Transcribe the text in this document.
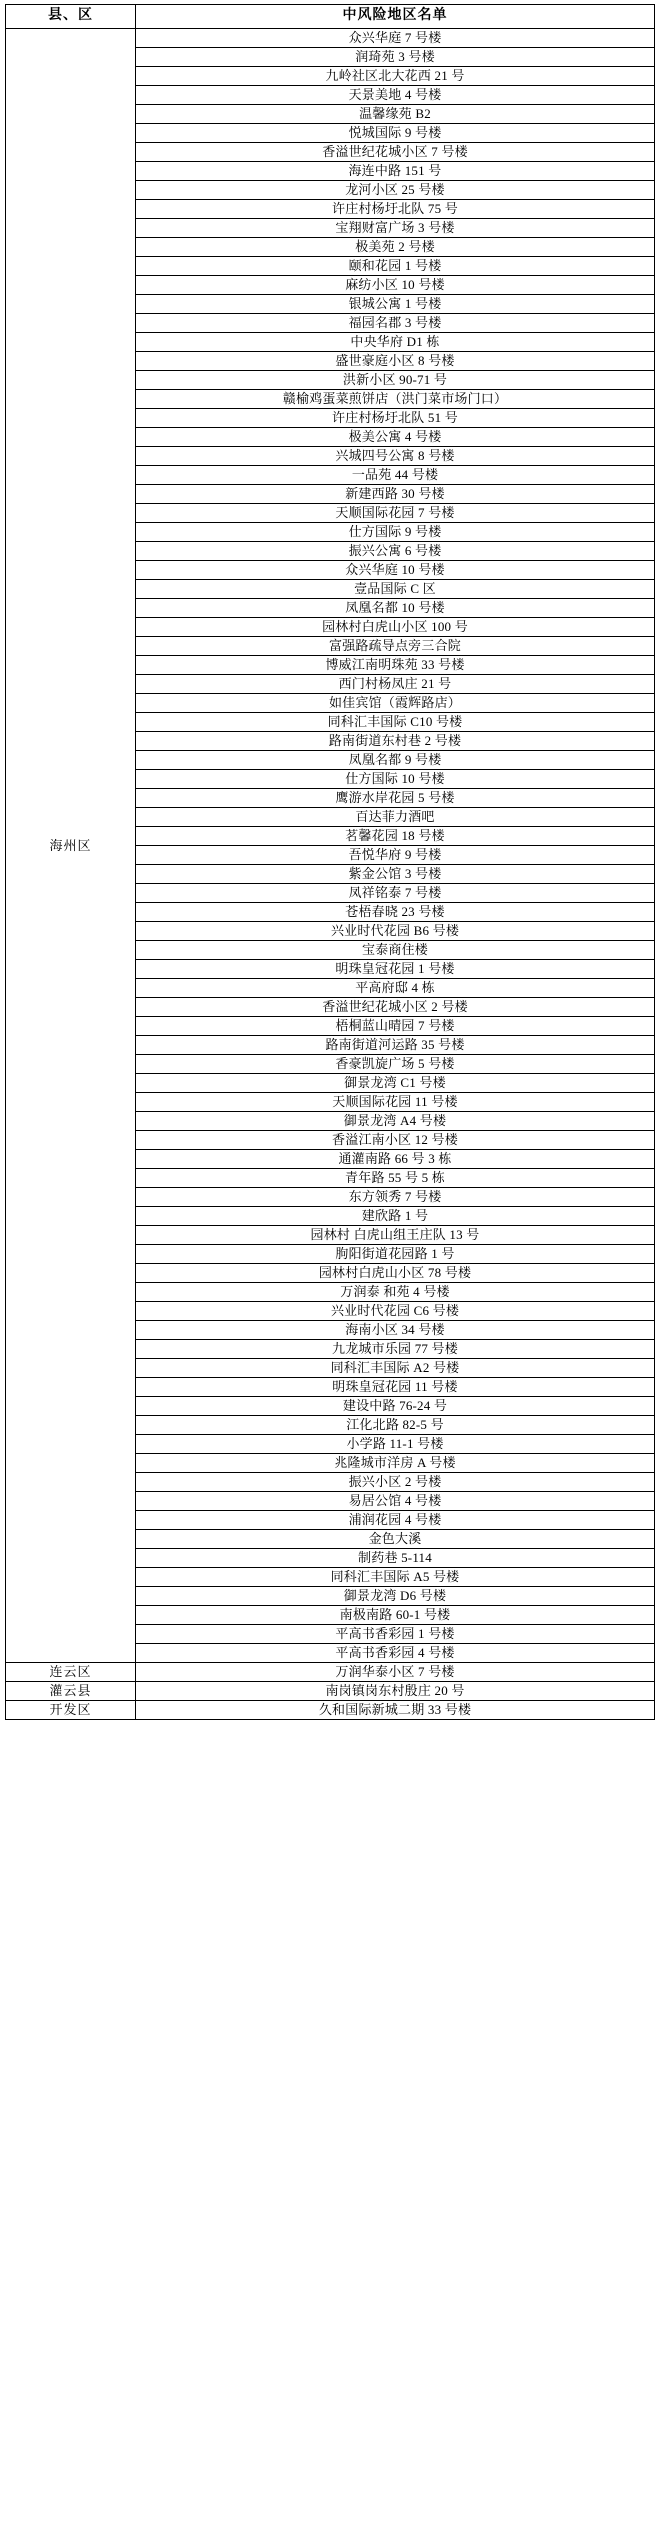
县、区	中风险地区名单
海州区	众兴华庭 7 号楼
	润琦苑 3 号楼
	九岭社区北大花西 21 号
	天景美地 4 号楼
	温馨缘苑 B2
	悦城国际 9 号楼
	香溢世纪花城小区 7 号楼
	海连中路 151 号
	龙河小区 25 号楼
	许庄村杨圩北队 75 号
	宝翔财富广场 3 号楼
	极美苑 2 号楼
	颐和花园 1 号楼
	麻纺小区 10 号楼
	银城公寓 1 号楼
	福园名郡 3 号楼
	中央华府 D1 栋
	盛世豪庭小区 8 号楼
	洪新小区 90-71 号
	赣榆鸡蛋菜煎饼店（洪门菜市场门口）
	许庄村杨圩北队 51 号
	极美公寓 4 号楼
	兴城四号公寓 8 号楼
	一品苑 44 号楼
	新建西路 30 号楼
	天顺国际花园 7 号楼
	仕方国际 9 号楼
	振兴公寓 6 号楼
	众兴华庭 10 号楼
	壹品国际 C 区
	凤凰名都 10 号楼
	园林村白虎山小区 100 号
	富强路疏导点旁三合院
	博威江南明珠苑 33 号楼
	西门村杨凤庄 21 号
	如佳宾馆（霞辉路店）
	同科汇丰国际 C10 号楼
	路南街道东村巷 2 号楼
	凤凰名都 9 号楼
	仕方国际 10 号楼
	鹰游水岸花园 5 号楼
	百达菲力酒吧
	茗馨花园 18 号楼
	吾悦华府 9 号楼
	紫金公馆 3 号楼
	凤祥铭泰 7 号楼
	苍梧春晓 23 号楼
	兴业时代花园 B6 号楼
	宝泰商住楼
	明珠皇冠花园 1 号楼
	平高府邸 4 栋
	香溢世纪花城小区 2 号楼
	梧桐蓝山晴园 7 号楼
	路南街道河运路 35 号楼
	香豪凯旋广场 5 号楼
	御景龙湾 C1 号楼
	天顺国际花园 11 号楼
	御景龙湾 A4 号楼
	香溢江南小区 12 号楼
	通灌南路 66 号 3 栋
	青年路 55 号 5 栋
	东方领秀 7 号楼
	建欣路 1 号
	园林村 白虎山组王庄队 13 号
	朐阳街道花园路 1 号
	园林村白虎山小区 78 号楼
	万润泰 和苑 4 号楼
	兴业时代花园 C6 号楼
	海南小区 34 号楼
	九龙城市乐园 77 号楼
	同科汇丰国际 A2 号楼
	明珠皇冠花园 11 号楼
	建设中路 76-24 号
	江化北路 82-5 号
	小学路 11-1 号楼
	兆隆城市洋房 A 号楼
	振兴小区 2 号楼
	易居公馆 4 号楼
	浦润花园 4 号楼
	金色大溪
	制药巷 5-114
	同科汇丰国际 A5 号楼
	御景龙湾 D6 号楼
	南极南路 60-1 号楼
	平高书香彩园 1 号楼
	平高书香彩园 4 号楼
连云区	万润华泰小区 7 号楼
灌云县	南岗镇岗东村殷庄 20 号
开发区	久和国际新城二期 33 号楼
